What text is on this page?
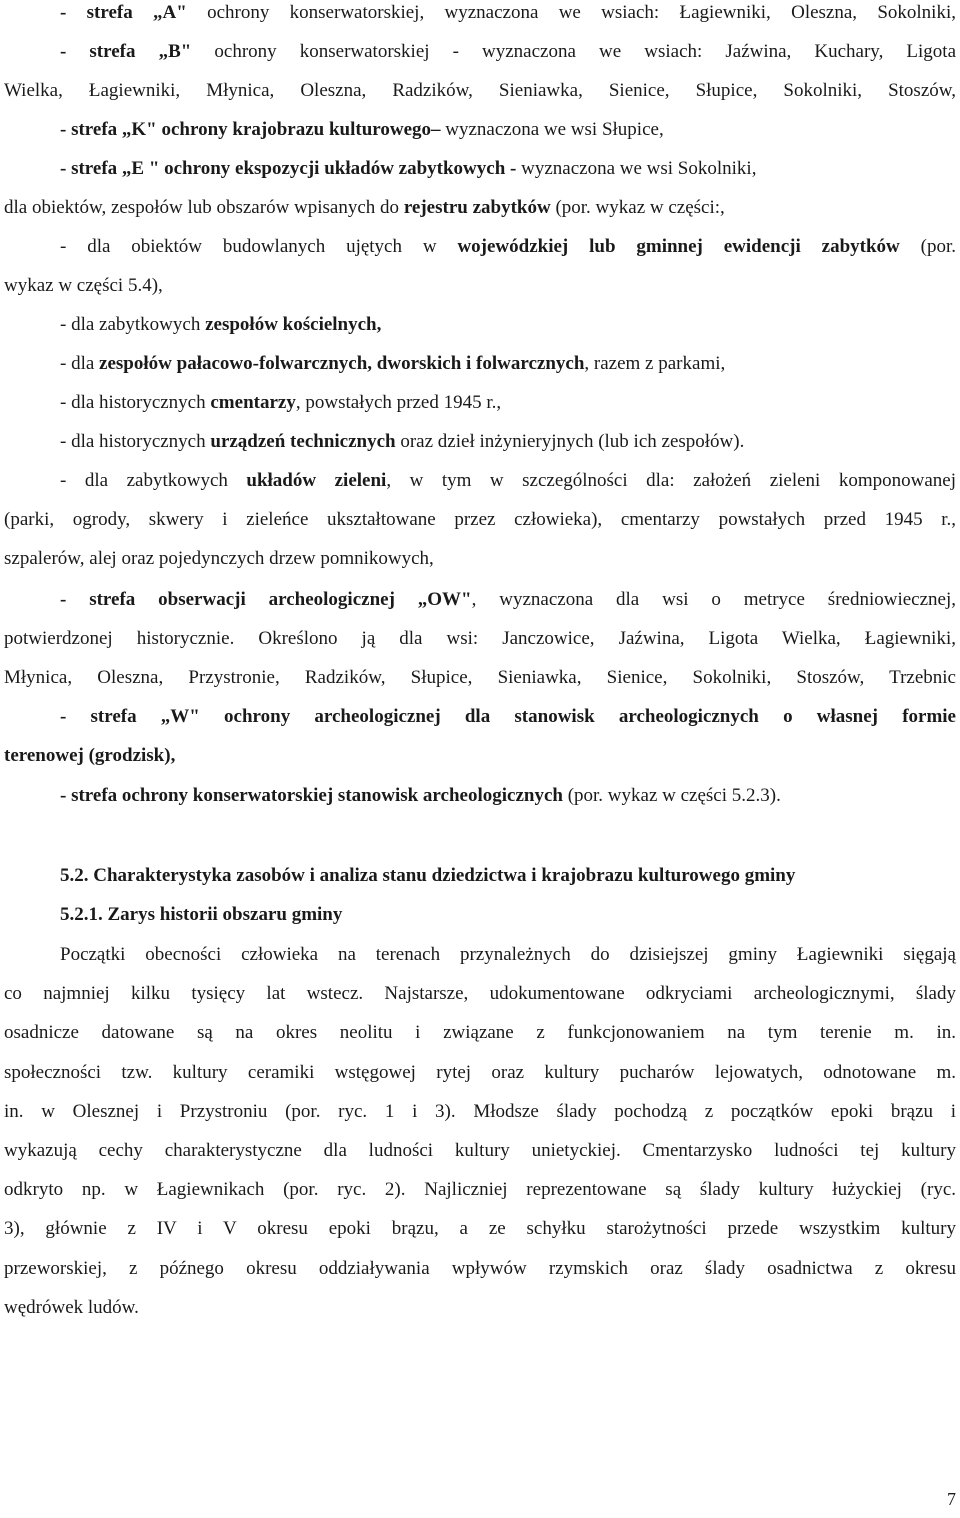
- strefa „A" ochrony konserwatorskiej, wyznaczona we wsiach: Łagiewniki, Oleszna, Sokolniki,
- strefa „B" ochrony konserwatorskiej - wyznaczona we wsiach: Jaźwina, Kuchary, Ligota
Wielka, Łagiewniki, Młynica, Oleszna, Radzików, Sieniawka, Sienice, Słupice, Sokolniki, Stoszów,
- strefa „K" ochrony krajobrazu kulturowego– wyznaczona we wsi Słupice,
- strefa „E " ochrony ekspozycji układów zabytkowych - wyznaczona we wsi Sokolniki,
dla obiektów, zespołów lub obszarów wpisanych do rejestru zabytków (por. wykaz w części:,
- dla obiektów budowlanych ujętych w wojewódzkiej lub gminnej ewidencji zabytków (por.
wykaz w części 5.4),
- dla zabytkowych zespołów kościelnych,
- dla zespołów pałacowo-folwarcznych, dworskich i folwarcznych, razem z parkami,
- dla historycznych cmentarzy, powstałych przed 1945 r.,
- dla historycznych urządzeń technicznych oraz dzieł inżynieryjnych (lub ich zespołów).
- dla zabytkowych układów zieleni, w tym w szczególności dla: założeń zieleni komponowanej
(parki, ogrody, skwery i zieleńce ukształtowane przez człowieka), cmentarzy powstałych przed 1945 r.,
szpalerów, alej oraz pojedynczych drzew pomnikowych,
- strefa obserwacji archeologicznej „OW", wyznaczona dla wsi o metryce średniowiecznej,
potwierdzonej historycznie. Określono ją dla wsi: Janczowice, Jaźwina, Ligota Wielka, Łagiewniki,
Młynica, Oleszna, Przystronie, Radzików, Słupice, Sieniawka, Sienice, Sokolniki, Stoszów, Trzebnic
- strefa „W" ochrony archeologicznej dla stanowisk archeologicznych o własnej formie
terenowej (grodzisk),
- strefa ochrony konserwatorskiej stanowisk archeologicznych (por. wykaz w części 5.2.3).
5.2. Charakterystyka zasobów i analiza stanu dziedzictwa i krajobrazu kulturowego gminy
5.2.1. Zarys historii obszaru gminy
Początki obecności człowieka na terenach przynależnych do dzisiejszej gminy Łagiewniki sięgają
co najmniej kilku tysięcy lat wstecz. Najstarsze, udokumentowane odkryciami archeologicznymi, ślady
osadnicze datowane są na okres neolitu i związane z funkcjonowaniem na tym terenie m. in.
społeczności tzw. kultury ceramiki wstęgowej rytej oraz kultury pucharów lejowatych, odnotowane m.
in. w Olesznej i Przystroniu (por. ryc. 1 i 3). Młodsze ślady pochodzą z początków epoki brązu i
wykazują cechy charakterystyczne dla ludności kultury unietyckiej. Cmentarzysko ludności tej kultury
odkryto np. w Łagiewnikach (por. ryc. 2). Najliczniej reprezentowane są ślady kultury łużyckiej (ryc.
3), głównie z IV i V okresu epoki brązu, a ze schyłku starożytności przede wszystkim kultury
przeworskiej, z późnego okresu oddziaływania wpływów rzymskich oraz ślady osadnictwa z okresu
wędrówek ludów.
7
